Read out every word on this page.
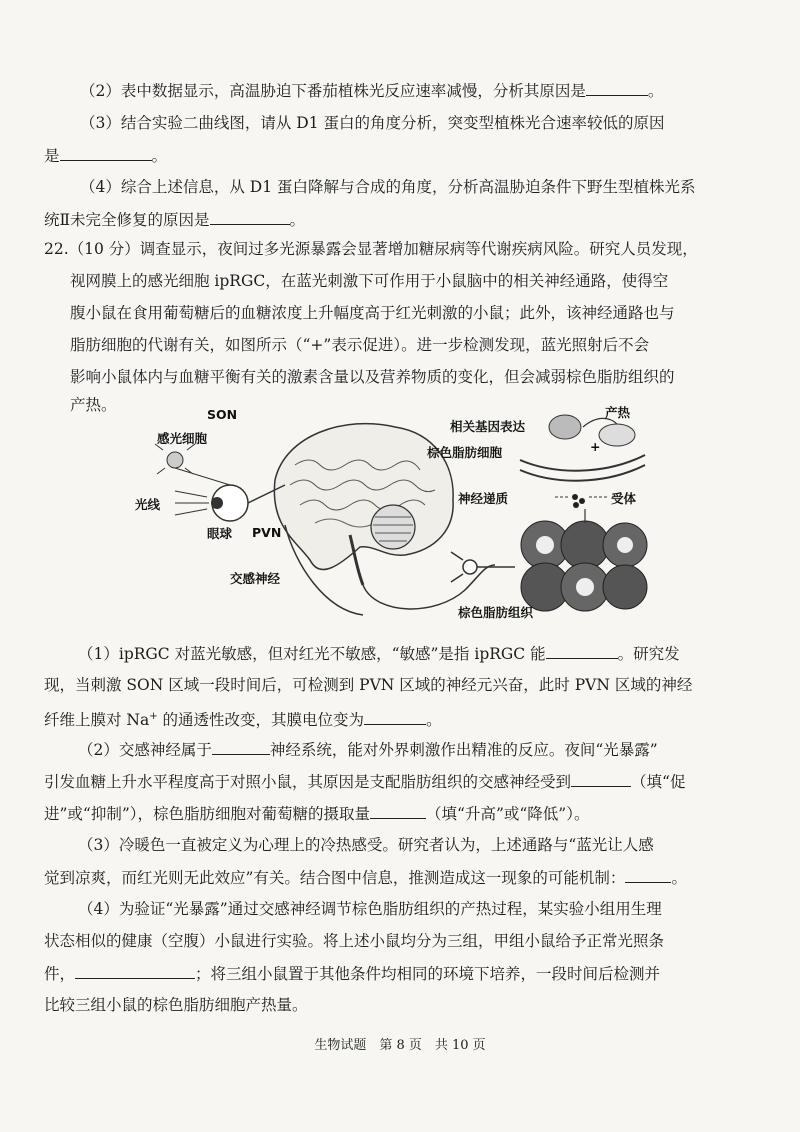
（2）表中数据显示，高温胁迫下番茄植株光反应速率减慢，分析其原因是	。
（3）结合实验二曲线图，请从 D1 蛋白的角度分析，突变型植株光合速率较低的原因
是	。
（4）综合上述信息，从 D1 蛋白降解与合成的角度，分析高温胁迫条件下野生型植株光系
统Ⅱ未完全修复的原因是	。
22.（10 分）调查显示，夜间过多光源暴露会显著增加糖尿病等代谢疾病风险。研究人员发现，
视网膜上的感光细胞 ipRGC，在蓝光刺激下可作用于小鼠脑中的相关神经通路，使得空
腹小鼠在食用葡萄糖后的血糖浓度上升幅度高于红光刺激的小鼠；此外，该神经通路也与
脂肪细胞的代谢有关，如图所示（“+”表示促进）。进一步检测发现，蓝光照射后不会
影响小鼠体内与血糖平衡有关的激素含量以及营养物质的变化，但会减弱棕色脂肪组织的
产热。
SON
感光细胞
光线
眼球 PVN
交感神经
相关基因表达
产热
+
棕色脂肪细胞
神经递质	受体
棕色脂肪组织
（1）ipRGC 对蓝光敏感，但对红光不敏感，“敏感”是指 ipRGC 能	。研究发
现，当刺激 SON 区域一段时间后，可检测到 PVN 区域的神经元兴奋，此时 PVN 区域的神经
纤维上膜对 Na+ 的通透性改变，其膜电位变为	。
（2）交感神经属于	神经系统，能对外界刺激作出精准的反应。夜间“光暴露”
引发血糖上升水平程度高于对照小鼠，其原因是支配脂肪组织的交感神经受到	（填“促
进”或“抑制”），棕色脂肪细胞对葡萄糖的摄取量	（填“升高”或“降低”）。
（3）冷暖色一直被定义为心理上的冷热感受。研究者认为，上述通路与“蓝光让人感
觉到凉爽，而红光则无此效应”有关。结合图中信息，推测造成这一现象的可能机制：	。
（4）为验证“光暴露”通过交感神经调节棕色脂肪组织的产热过程，某实验小组用生理
状态相似的健康（空腹）小鼠进行实验。将上述小鼠均分为三组，甲组小鼠给予正常光照条
件，	；将三组小鼠置于其他条件均相同的环境下培养，一段时间后检测并
比较三组小鼠的棕色脂肪细胞产热量。
生物试题　第 8 页　共 10 页
